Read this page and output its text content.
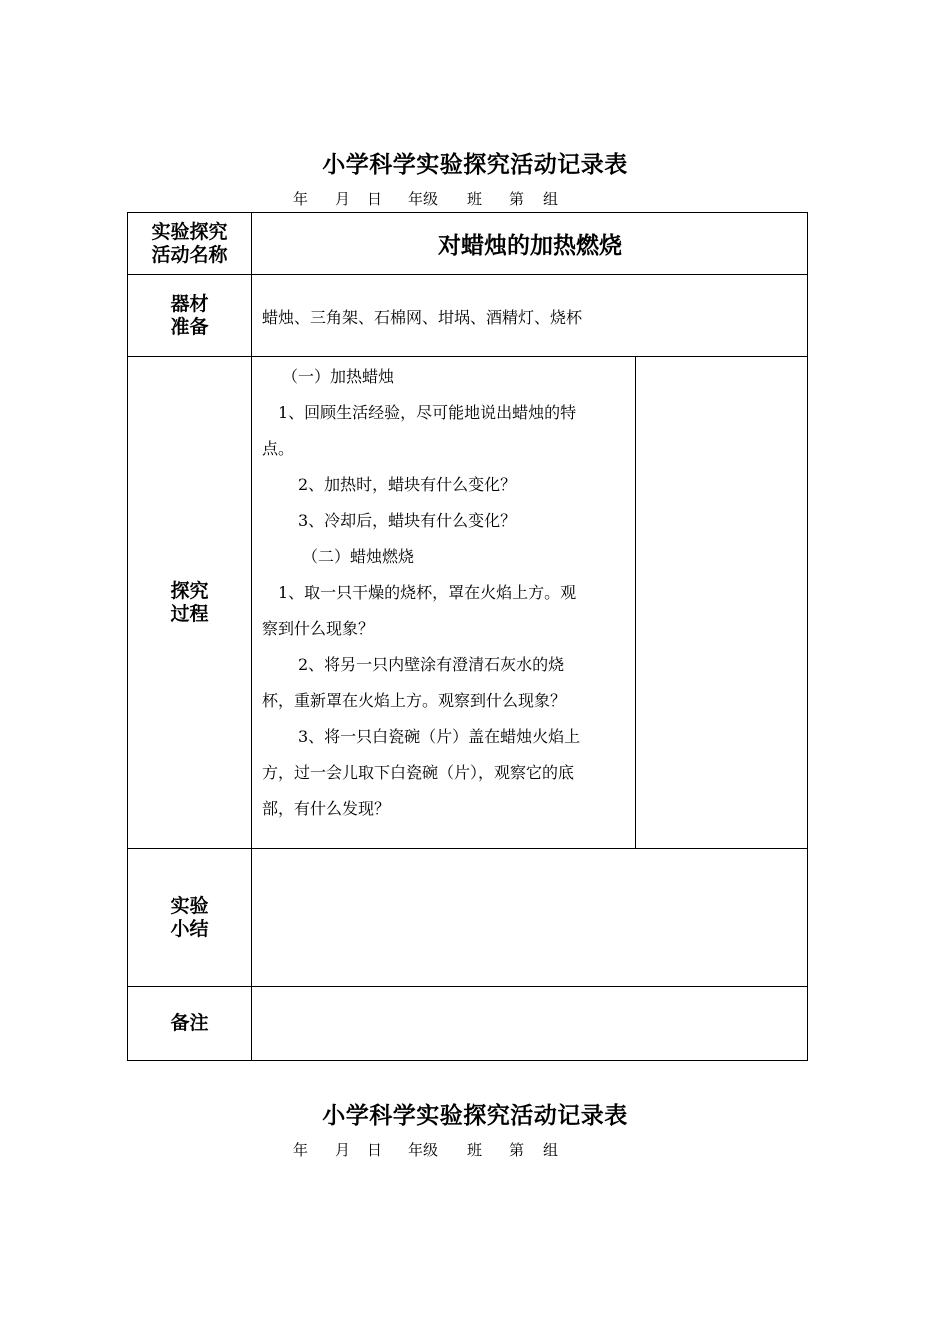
小学科学实验探究活动记录表
年 月 日 年级 班 第 组
实验探究
活动名称	对蜡烛的加热燃烧
器材
准备	蜡烛、三角架、石棉网、坩埚、酒精灯、烧杯
探究
过程

（一）加热蜡烛

1、回顾生活经验，尽可能地说出蜡烛的特

点。

2、加热时，蜡块有什么变化？

3、冷却后，蜡块有什么变化？

（二）蜡烛燃烧

1、取一只干燥的烧杯，罩在火焰上方。观

察到什么现象？

2、将另一只内壁涂有澄清石灰水的烧

杯，重新罩在火焰上方。观察到什么现象？

3、将一只白瓷碗（片）盖在蜡烛火焰上

方，过一会儿取下白瓷碗（片），观察它的底

部，有什么发现？

实验
小结
备注
小学科学实验探究活动记录表
年 月 日 年级 班 第 组
